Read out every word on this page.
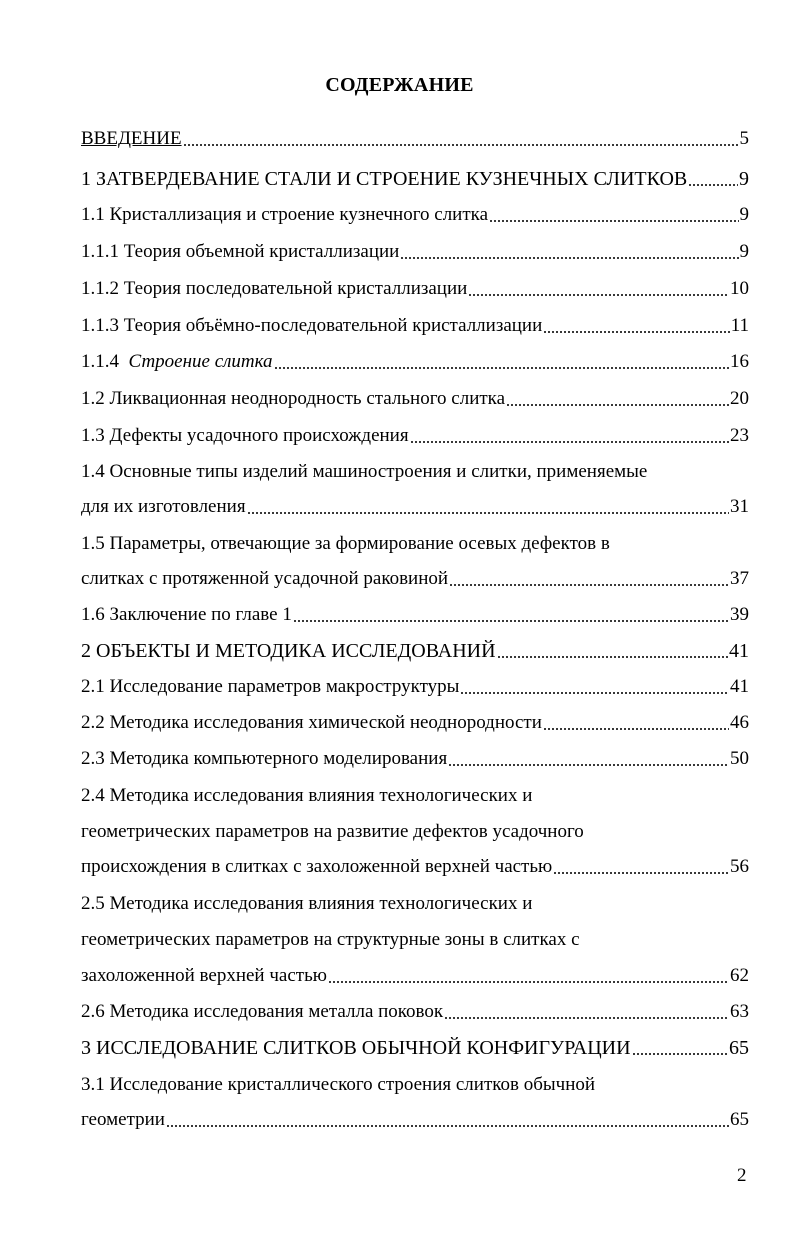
СОДЕРЖАНИЕ
ВВЕДЕНИЕ	5
1 ЗАТВЕРДЕВАНИЕ СТАЛИ И СТРОЕНИЕ КУЗНЕЧНЫХ СЛИТКОВ	9
1.1 Кристаллизация и строение кузнечного слитка	9
1.1.1 Теория объемной кристаллизации	9
1.1.2 Теория последовательной кристаллизации	10
1.1.3 Теория объёмно-последовательной кристаллизации	11
1.1.4 Строение слитка	16
1.2 Ликвационная неоднородность стального слитка	20
1.3 Дефекты усадочного происхождения	23
1.4 Основные типы изделий машиностроения и слитки, применяемые
для их изготовления	31
1.5 Параметры, отвечающие за формирование осевых дефектов в
слитках с протяженной усадочной раковиной	37
1.6 Заключение по главе 1	39
2 ОБЪЕКТЫ И МЕТОДИКА ИССЛЕДОВАНИЙ	41
2.1 Исследование параметров макроструктуры	41
2.2 Методика исследования химической неоднородности	46
2.3 Методика компьютерного моделирования	50
2.4 Методика исследования влияния технологических и
геометрических параметров на развитие дефектов усадочного
происхождения в слитках с захоложенной верхней частью	56
2.5 Методика исследования влияния технологических и
геометрических параметров на структурные зоны в слитках с
захоложенной верхней частью	62
2.6 Методика исследования металла поковок	63
3 ИССЛЕДОВАНИЕ СЛИТКОВ ОБЫЧНОЙ КОНФИГУРАЦИИ	65
3.1 Исследование кристаллического строения слитков обычной
геометрии	65
2
